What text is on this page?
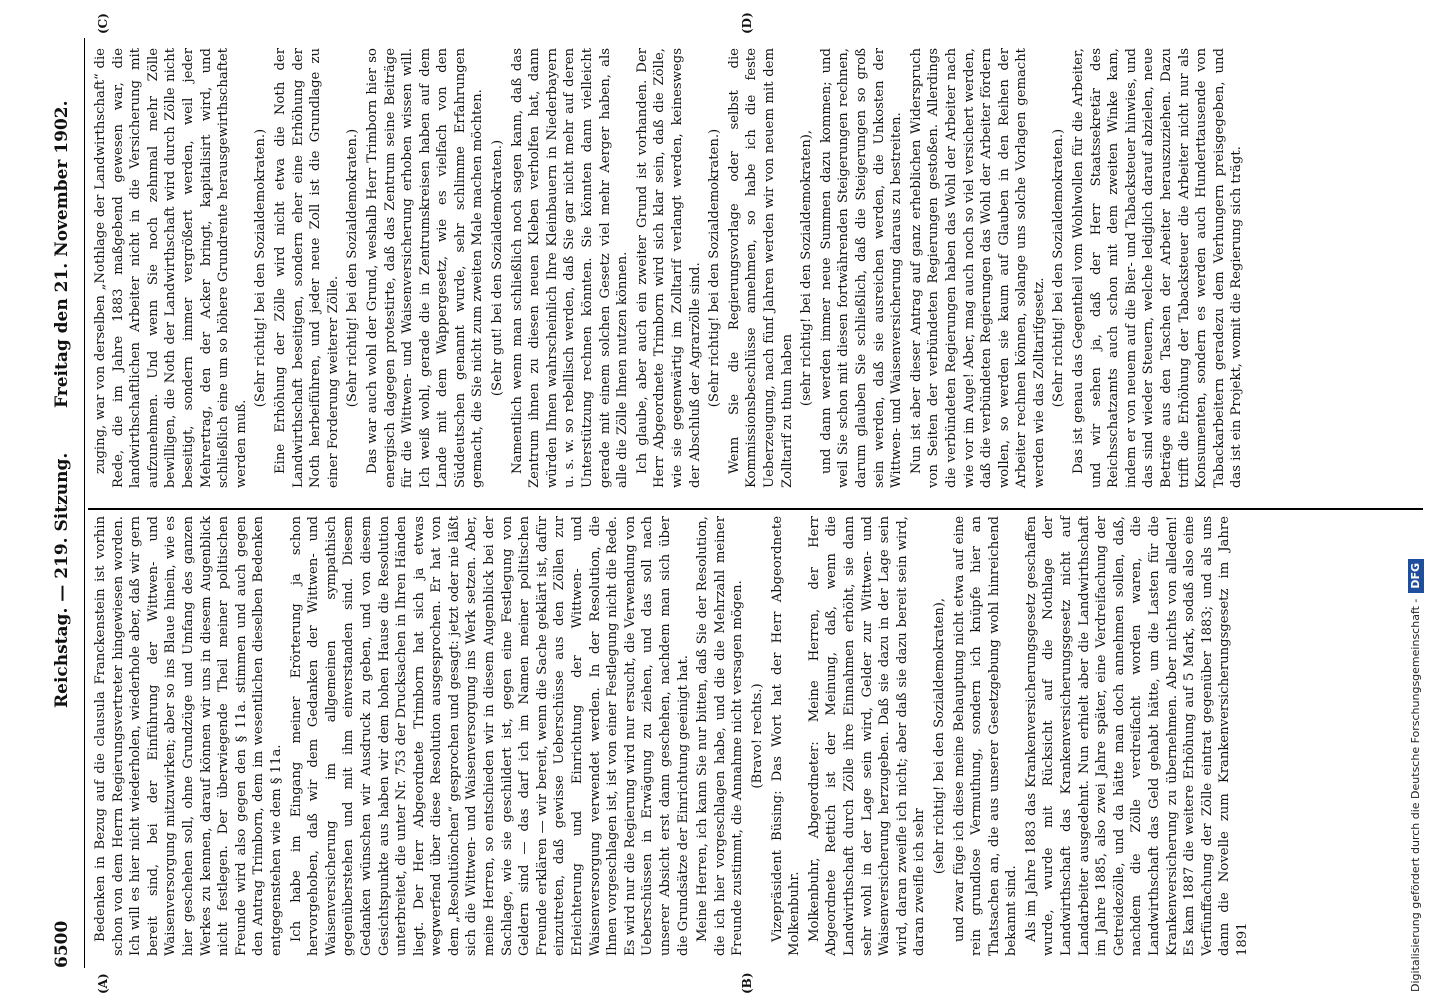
6500
Reichstag. — 219. Sitzung.
Freitag den 21. November 1902.
(A)	(B)
(C)	(D)

Bedenken in Bezug auf die clausula Franckenstein ist vorhin schon von dem Herrn Regierungsvertreter hingewiesen worden. Ich will es hier nicht wiederholen, wiederhole aber, daß wir gern bereit sind, bei der Einführung der Wittwen- und Waisenversorgung mitzuwirken; aber so ins Blaue hinein, wie es hier geschehen soll, ohne Grundzüge und Umfang des ganzen Werkes zu kennen, darauf können wir uns in diesem Augenblick nicht festlegen. Der überwiegende Theil meiner politischen Freunde wird also gegen den § 11a. stimmen und auch gegen den Antrag Trimborn, dem im wesentlichen dieselben Bedenken entgegenstehen wie dem § 11a. Ich habe im Eingang meiner Erörterung ja schon hervorgehoben, daß wir dem Gedanken der Wittwen- und Waisenversicherung im allgemeinen sympathisch gegenüberstehen und mit ihm einverstanden sind. Diesem Gedanken wünschen wir Ausdruck zu geben, und von diesem Gesichtspunkte aus haben wir dem hohen Hause die Resolution unterbreitet, die unter Nr. 753 der Drucksachen in Ihren Händen liegt. Der Herr Abgeordnete Trimborn hat sich ja etwas wegwerfend über diese Resolution ausgesprochen. Er hat von dem „Resolutiönchen“ gesprochen und gesagt: jetzt oder nie läßt sich die Wittwen- und Waisenversorgung ins Werk setzen. Aber, meine Herren, so entschieden wir in diesem Augenblick bei der Sachlage, wie sie geschildert ist, gegen eine Festlegung von Geldern sind — das darf ich im Namen meiner politischen Freunde erklären — wir bereit, wenn die Sache geklärt ist, dafür einzutreten, daß gewisse Ueberschüsse aus den Zöllen zur Erleichterung und Einrichtung der Wittwen- und Waisenversorgung verwendet werden. In der Resolution, die Ihnen vorgeschlagen ist, ist von einer Festlegung nicht die Rede. Es wird nur die Regierung wird nur ersucht, die Verwendung von Ueberschüssen in Erwägung zu ziehen, und das soll nach unserer Absicht erst dann geschehen, nachdem man sich über die Grundsätze der Einrichtung geeinigt hat. Meine Herren, ich kann Sie nur bitten, daß Sie der Resolution, die ich hier vorgeschlagen habe, und die die Mehrzahl meiner Freunde zustimmt, die Annahme nicht versagen mögen. (Bravo! rechts.) Vizepräsident Büsing: Das Wort hat der Herr Abgeordnete Molkenbuhr. Molkenbuhr, Abgeordneter: Meine Herren, der Herr Abgeordnete Rettich ist der Meinung, daß, wenn die Landwirthschaft durch Zölle ihre Einnahmen erhöht, sie dann sehr wohl in der Lage sein wird, Gelder zur Wittwen- und Waisenversicherung herzugeben. Daß sie dazu in der Lage sein wird, daran zweifle ich nicht; aber daß sie dazu bereit sein wird, daran zweifle ich sehr

(sehr richtig! bei den Sozialdemokraten), und zwar füge ich diese meine Behauptung nicht etwa auf eine rein grundlose Vermuthung, sondern ich knüpfe hier an Thatsachen an, die aus unserer Gesetzgebung wohl hinreichend bekannt sind. Als im Jahre 1883 das Krankenversicherungsgesetz geschaffen wurde, wurde mit Rücksicht auf die Nothlage der Landwirthschaft das Krankenversicherungsgesetz nicht auf Landarbeiter ausgedehnt. Nun erhielt aber die Landwirthschaft im Jahre 1885, also zwei Jahre später, eine Verdreifachung der Getreidezölle, und da hätte man doch annehmen sollen, daß, nachdem die Zölle verdreifacht worden waren, die Landwirthschaft das Geld gehabt hätte, um die Lasten für die Krankenversicherung zu übernehmen. Aber nichts von alledem! Es kam 1887 die weitere Erhöhung auf 5 Mark, sodaß also eine Verfünffachung der Zölle eintrat gegenüber 1883; und als uns dann die Novelle zum Krankenversicherungsgesetz im Jahre 1891

zuging, war von derselben „Nothlage der Landwirthschaft“ die Rede, die im Jahre 1883 maßgebend gewesen war, die landwirthschaftlichen Arbeiter nicht in die Versicherung mit aufzunehmen. Und wenn Sie noch zehnmal mehr Zölle bewilligen, die Noth der Landwirthschaft wird durch Zölle nicht beseitigt, sondern immer vergrößert werden, weil jeder Mehrertrag, den der Acker bringt, kapitalisirt wird, und schließlich eine um so höhere Grundrente herausgewirthschaftet werden muß.

(Sehr richtig! bei den Sozialdemokraten.) Eine Erhöhung der Zölle wird nicht etwa die Noth der Landwirthschaft beseitigen, sondern eher eine Erhöhung der Noth herbeiführen, und jeder neue Zoll ist die Grundlage zu einer Forderung weiterer Zölle. (Sehr richtig! bei den Sozialdemokraten.) Das war auch wohl der Grund, weshalb Herr Trimborn hier so energisch dagegen protestirte, daß das Zentrum seine Beiträge für die Wittwen- und Waisenversicherung erhoben wissen will. Ich weiß wohl, gerade die in Zentrumskreisen haben auf dem Lande mit dem Wappergesetz, wie es vielfach von den Süddeutschen genannt wurde, sehr schlimme Erfahrungen gemacht, die Sie nicht zum zweiten Male machen möchten. (Sehr gut! bei den Sozialdemokraten.) Namentlich wenn man schließlich noch sagen kann, daß das Zentrum ihnen zu diesen neuen Kleben verholfen hat, dann würden Ihnen wahrscheinlich Ihre Kleinbauern in Niederbayern u. s. w. so rebellisch werden, daß Sie gar nicht mehr auf deren Unterstützung rechnen könnten. Sie könnten dann vielleicht gerade mit einem solchen Gesetz viel mehr Aerger haben, als alle die Zölle Ihnen nutzen können. Ich glaube, aber auch ein zweiter Grund ist vorhanden. Der Herr Abgeordnete Trimborn wird sich klar sein, daß die Zölle, wie sie gegenwärtig im Zolltarif verlangt werden, keineswegs der Abschluß der Agrarzölle sind. (Sehr richtig! bei den Sozialdemokraten.) Wenn Sie die Regierungsvorlage oder selbst die Kommissionsbeschlüsse annehmen, so habe ich die feste Ueberzeugung, nach fünf Jahren werden wir von neuem mit dem Zolltarif zu thun haben

(sehr richtig! bei den Sozialdemokraten), und dann werden immer neue Summen dazu kommen; und weil Sie schon mit diesen fortwährenden Steigerungen rechnen, darum glauben Sie schließlich, daß die Steigerungen so groß sein werden, daß sie ausreichen werden, die Unkosten der Wittwen- und Waisenversicherung daraus zu bestreiten. Nun ist aber dieser Antrag auf ganz erheblichen Widerspruch von Seiten der verbündeten Regierungen gestoßen. Allerdings die verbündeten Regierungen haben das Wohl der Arbeiter nach wie vor im Auge! Aber, mag auch noch so viel versichert werden, daß die verbündeten Regierungen das Wohl der Arbeiter fördern wollen, so werden sie kaum auf Glauben in den Reihen der Arbeiter rechnen können, solange uns solche Vorlagen gemacht werden wie das Zolltarifgesetz. (Sehr richtig! bei den Sozialdemokraten.) Das ist genau das Gegentheil vom Wohlwollen für die Arbeiter, und wir sehen ja, daß der Herr Staatssekretär des Reichsschatzamts auch schon mit dem zweiten Winke kam, indem er von neuem auf die Bier- und Tabacksteuer hinwies, und das sind wieder Steuern, welche lediglich darauf abzielen, neue Beträge aus den Taschen der Arbeiter herauszuziehen. Dazu trifft die Erhöhung der Tabacksteuer die Arbeiter nicht nur als Konsumenten, sondern es werden auch Hunderttausende von Tabackarbeitern geradezu dem Verhungern preisgegeben, und das ist ein Projekt, womit die Regierung sich trägt.

Digitalisierung gefördert durch die Deutsche Forschungsgemeinschaft -DFG
